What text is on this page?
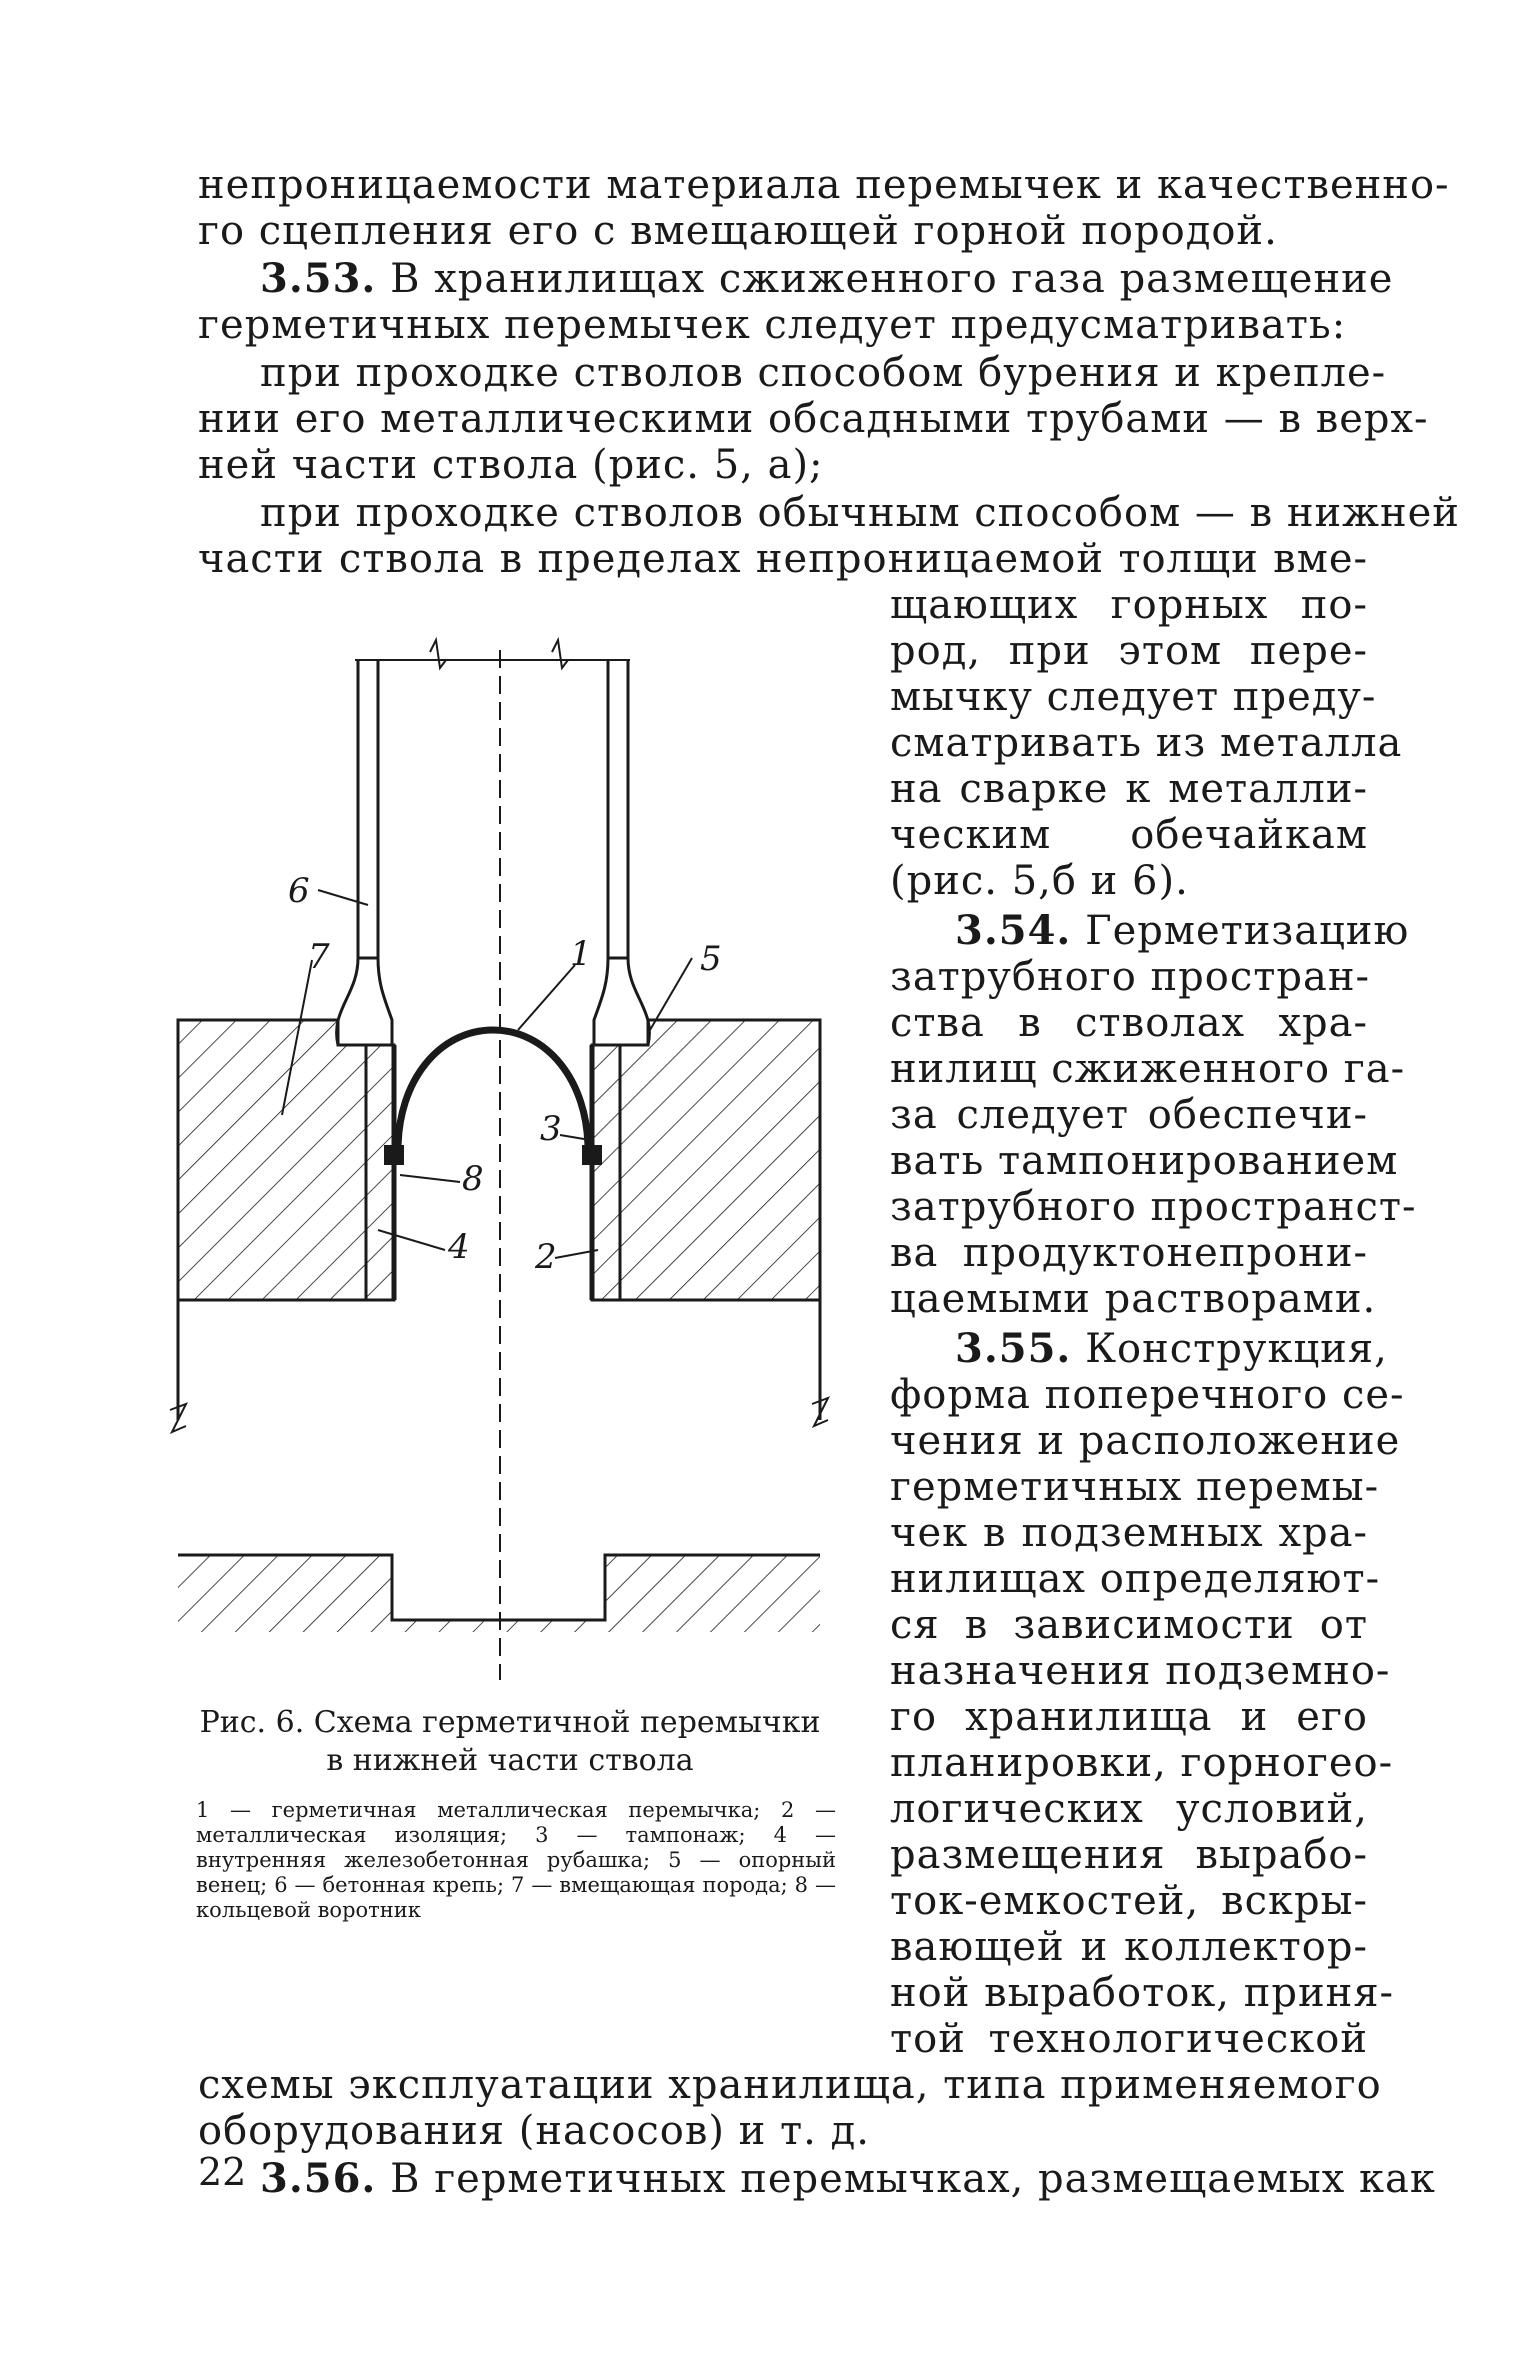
непроницаемости материала перемычек и качественно-
го сцепления его с вмещающей горной породой.
3.53. В хранилищах сжиженного газа размещение
герметичных перемычек следует предусматривать:
при проходке стволов способом бурения и крепле-
нии его металлическими обсадными трубами — в верх-
ней части ствола (рис. 5, а);
при проходке стволов обычным способом — в нижней
части ствола в пределах непроницаемой толщи вме-
щающих горных по-
род, при этом пере-
мычку следует преду-
сматривать из металла
на сварке к металли-
ческим обечайкам
(рис. 5,б и 6).
3.54. Герметизацию
затрубного простран-
ства в стволах хра-
нилищ сжиженного га-
за следует обеспечи-
вать тампонированием
затрубного пространст-
ва продуктонепрони-
цаемыми растворами.
3.55. Конструкция,
форма поперечного се-
чения и расположение
герметичных перемы-
чек в подземных хра-
нилищах определяют-
ся в зависимости от
назначения подземно-
го хранилища и его
планировки, горногео-
логических условий,
размещения вырабо-
ток-емкостей, вскры-
вающей и коллектор-
ной выработок, приня-
той технологической
схемы эксплуатации хранилища, типа применяемого
оборудования (насосов) и т. д.
3.56. В герметичных перемычках, размещаемых как
6
7	1	5
3
8
4 2
Рис. 6. Схема герметичной перемычки в нижней части ствола
1 — герметичная металлическая перемычка; 2 — металлическая изоляция; 3 — тампонаж; 4 — внутренняя железобетонная рубашка; 5 — опорный венец; 6 — бетонная крепь; 7 — вмещающая порода; 8 — кольцевой воротник
22
